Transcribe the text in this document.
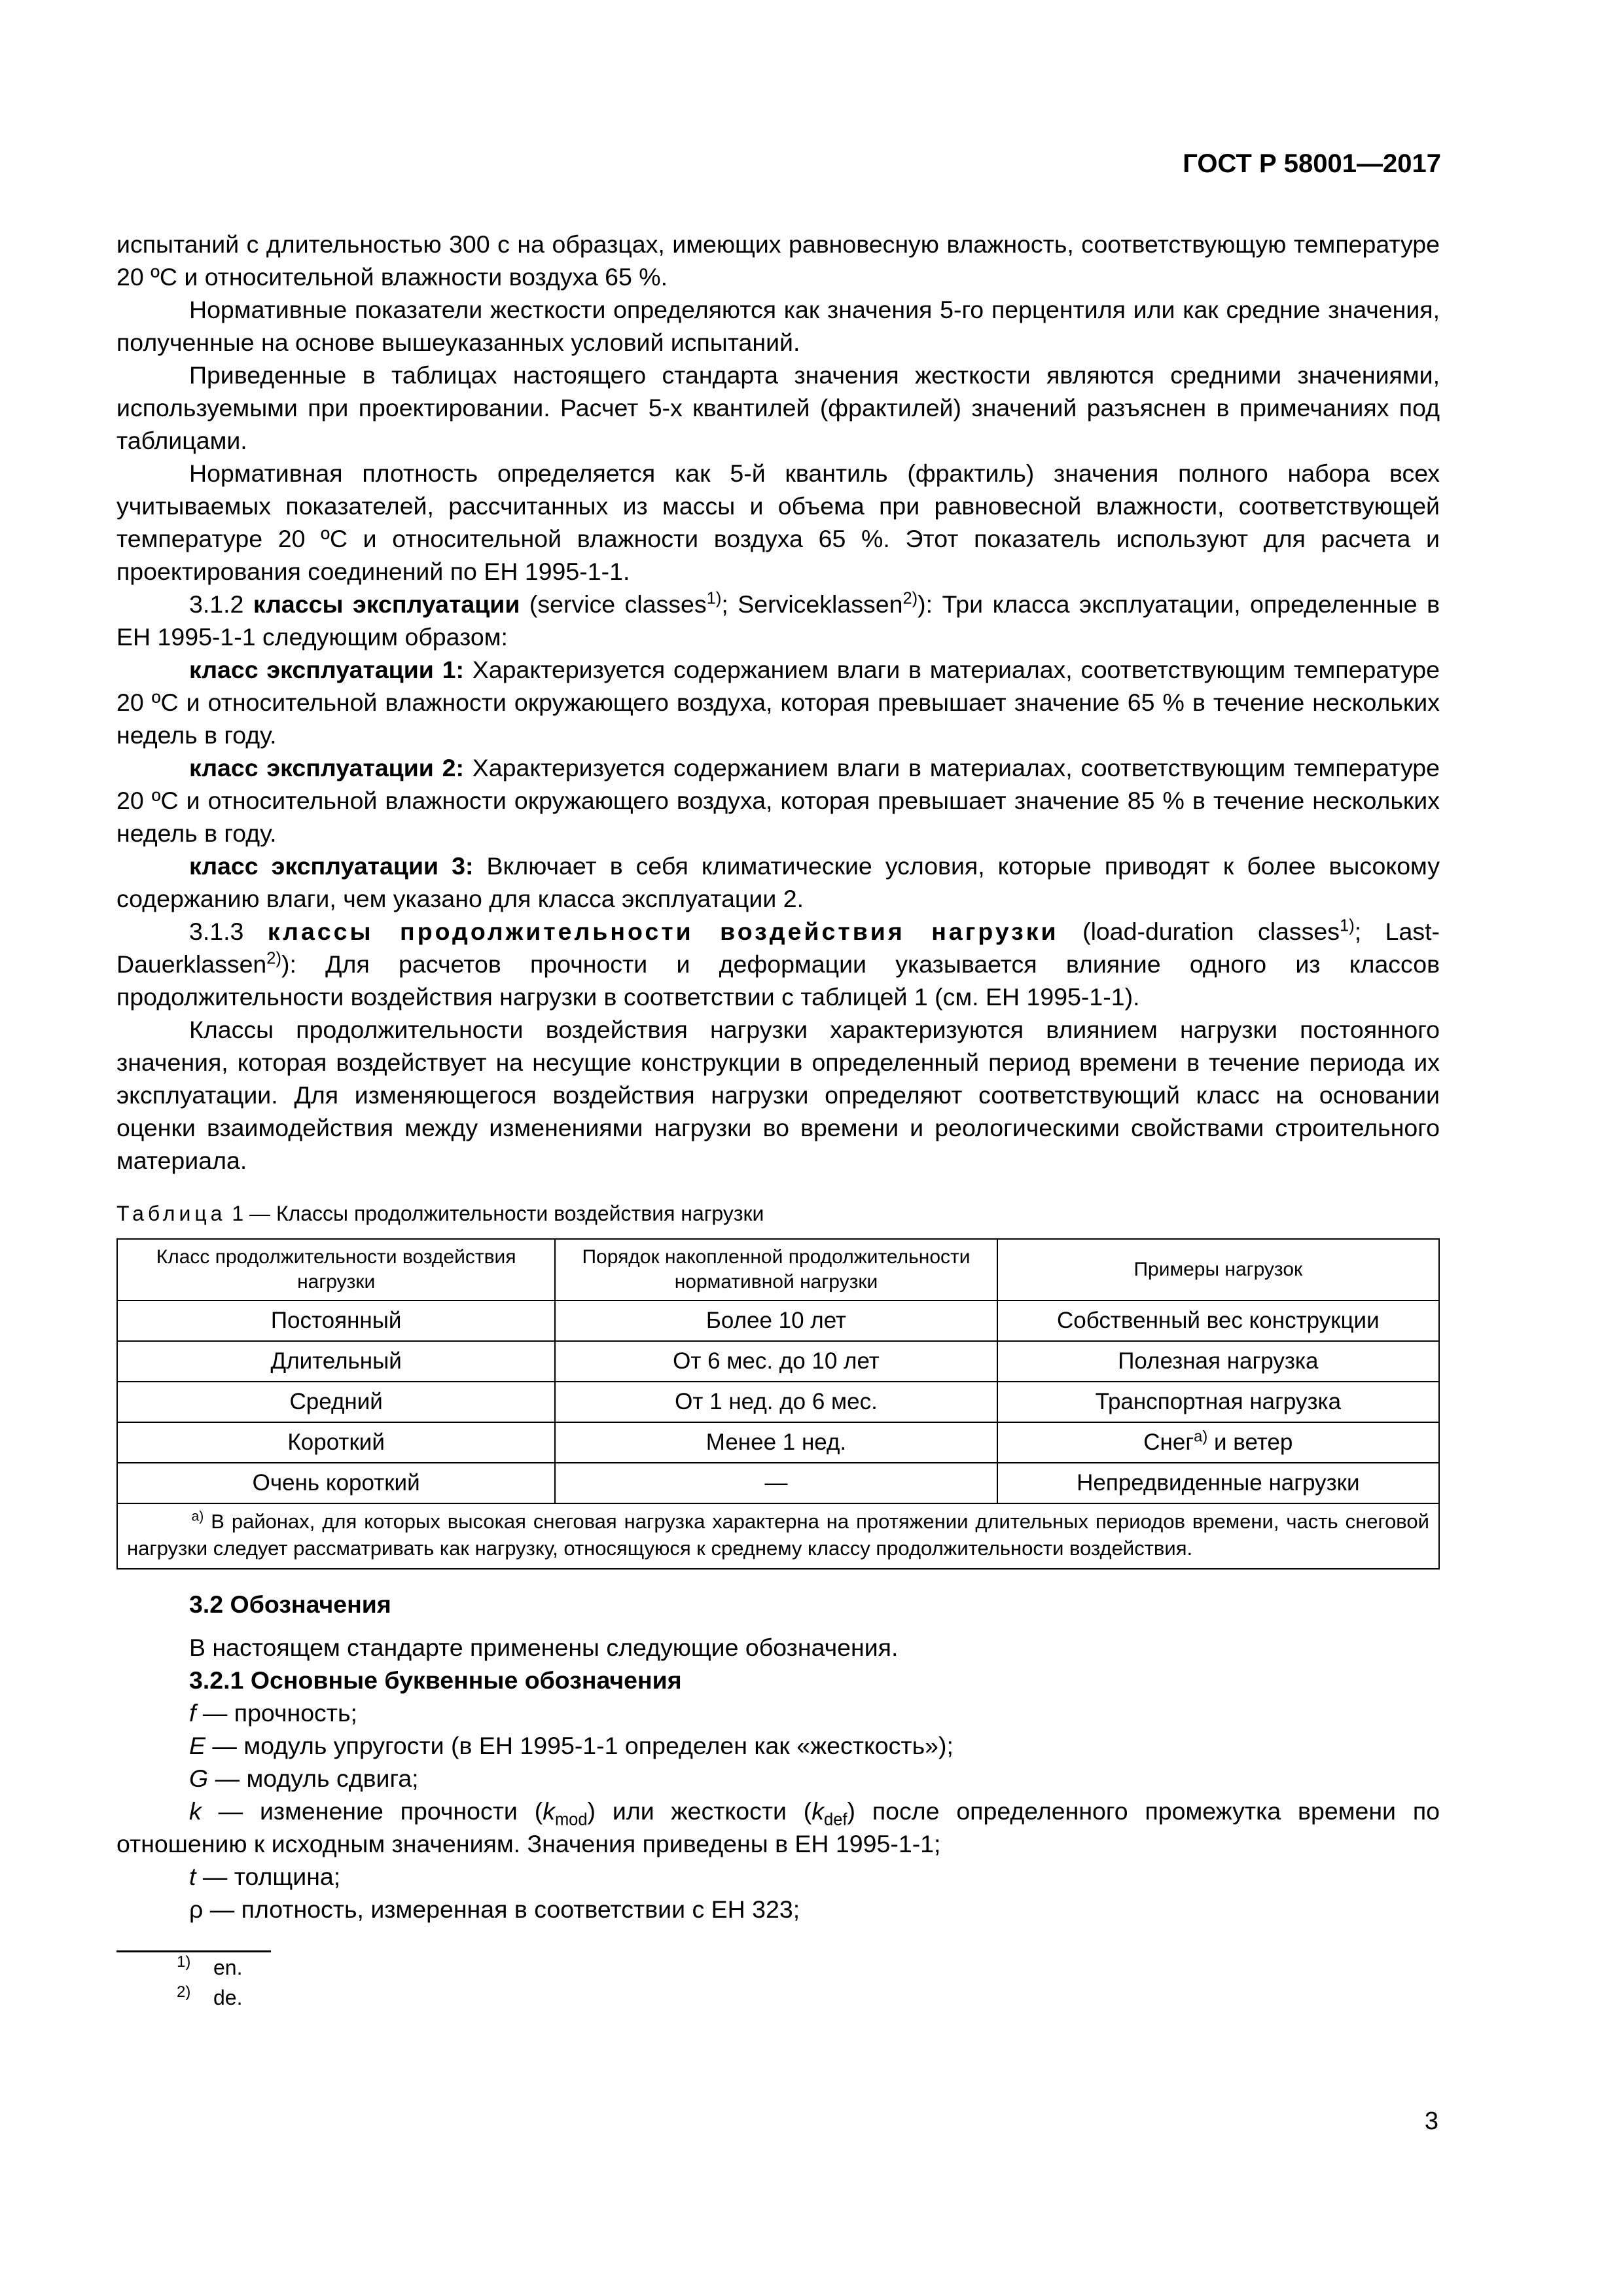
ГОСТ Р 58001—2017

испытаний с длительностью 300 с на образцах, имеющих равновесную влажность, соответствующую температуре 20 ºС и относительной влажности воздуха 65 %.

Нормативные показатели жесткости определяются как значения 5-го перцентиля или как средние значения, полученные на основе вышеуказанных условий испытаний.

Приведенные в таблицах настоящего стандарта значения жесткости являются средними значениями, используемыми при проектировании. Расчет 5-х квантилей (фрактилей) значений разъяснен в примечаниях под таблицами.

Нормативная плотность определяется как 5-й квантиль (фрактиль) значения полного набора всех учитываемых показателей, рассчитанных из массы и объема при равновесной влажности, соответствующей температуре 20 ºС и относительной влажности воздуха 65 %. Этот показатель используют для расчета и проектирования соединений по ЕН 1995-1-1.

3.1.2 классы эксплуатации (service classes$^{1)}$; Serviceklassen$^{2)}$): Три класса эксплуатации, определенные в ЕН 1995-1-1 следующим образом:

класс эксплуатации 1: Характеризуется содержанием влаги в материалах, соответствующим температуре 20 ºС и относительной влажности окружающего воздуха, которая превышает значение 65 % в течение нескольких недель в году.

класс эксплуатации 2: Характеризуется содержанием влаги в материалах, соответствующим температуре 20 ºС и относительной влажности окружающего воздуха, которая превышает значение 85 % в течение нескольких недель в году.

класс эксплуатации 3: Включает в себя климатические условия, которые приводят к более высокому содержанию влаги, чем указано для класса эксплуатации 2.

3.1.3 классы продолжительности воздействия нагрузки (load-duration classes$^{1)}$; Last-Dauerklassen$^{2)}$): Для расчетов прочности и деформации указывается влияние одного из классов продолжительности воздействия нагрузки в соответствии с таблицей 1 (см. ЕН 1995-1-1).

Классы продолжительности воздействия нагрузки характеризуются влиянием нагрузки постоянного значения, которая воздействует на несущие конструкции в определенный период времени в течение периода их эксплуатации. Для изменяющегося воздействия нагрузки определяют соответствующий класс на основании оценки взаимодействия между изменениями нагрузки во времени и реологическими свойствами строительного материала.

Таблица 1 — Классы продолжительности воздействия нагрузки
Класс продолжительности воздействия нагрузки	Порядок накопленной продолжительности нормативной нагрузки	Примеры нагрузок
Постоянный	Более 10 лет	Собственный вес конструкции
Длительный	От 6 мес. до 10 лет	Полезная нагрузка
Средний	От 1 нед. до 6 мес.	Транспортная нагрузка
Короткий	Менее 1 нед.	Снег$^{a)}$ и ветер
Очень короткий	—	Непредвиденные нагрузки
$^{а)}$ В районах, для которых высокая снеговая нагрузка характерна на протяжении длительных периодов времени, часть снеговой нагрузки следует рассматривать как нагрузку, относящуюся к среднему классу продолжительности воздействия.		

3.2 Обозначения

В настоящем стандарте применены следующие обозначения.

3.2.1 Основные буквенные обозначения

f — прочность;

E — модуль упругости (в ЕН 1995-1-1 определен как «жесткость»);

G — модуль сдвига;

k — изменение прочности $(k_{mod})$ или жесткости $(k_{def})$ после определенного промежутка времени по отношению к исходным значениям. Значения приведены в ЕН 1995-1-1;

t — толщина;

ρ — плотность, измеренная в соответствии с ЕН 323;

$^{1)}$ en.
$^{2)}$ de.
3
